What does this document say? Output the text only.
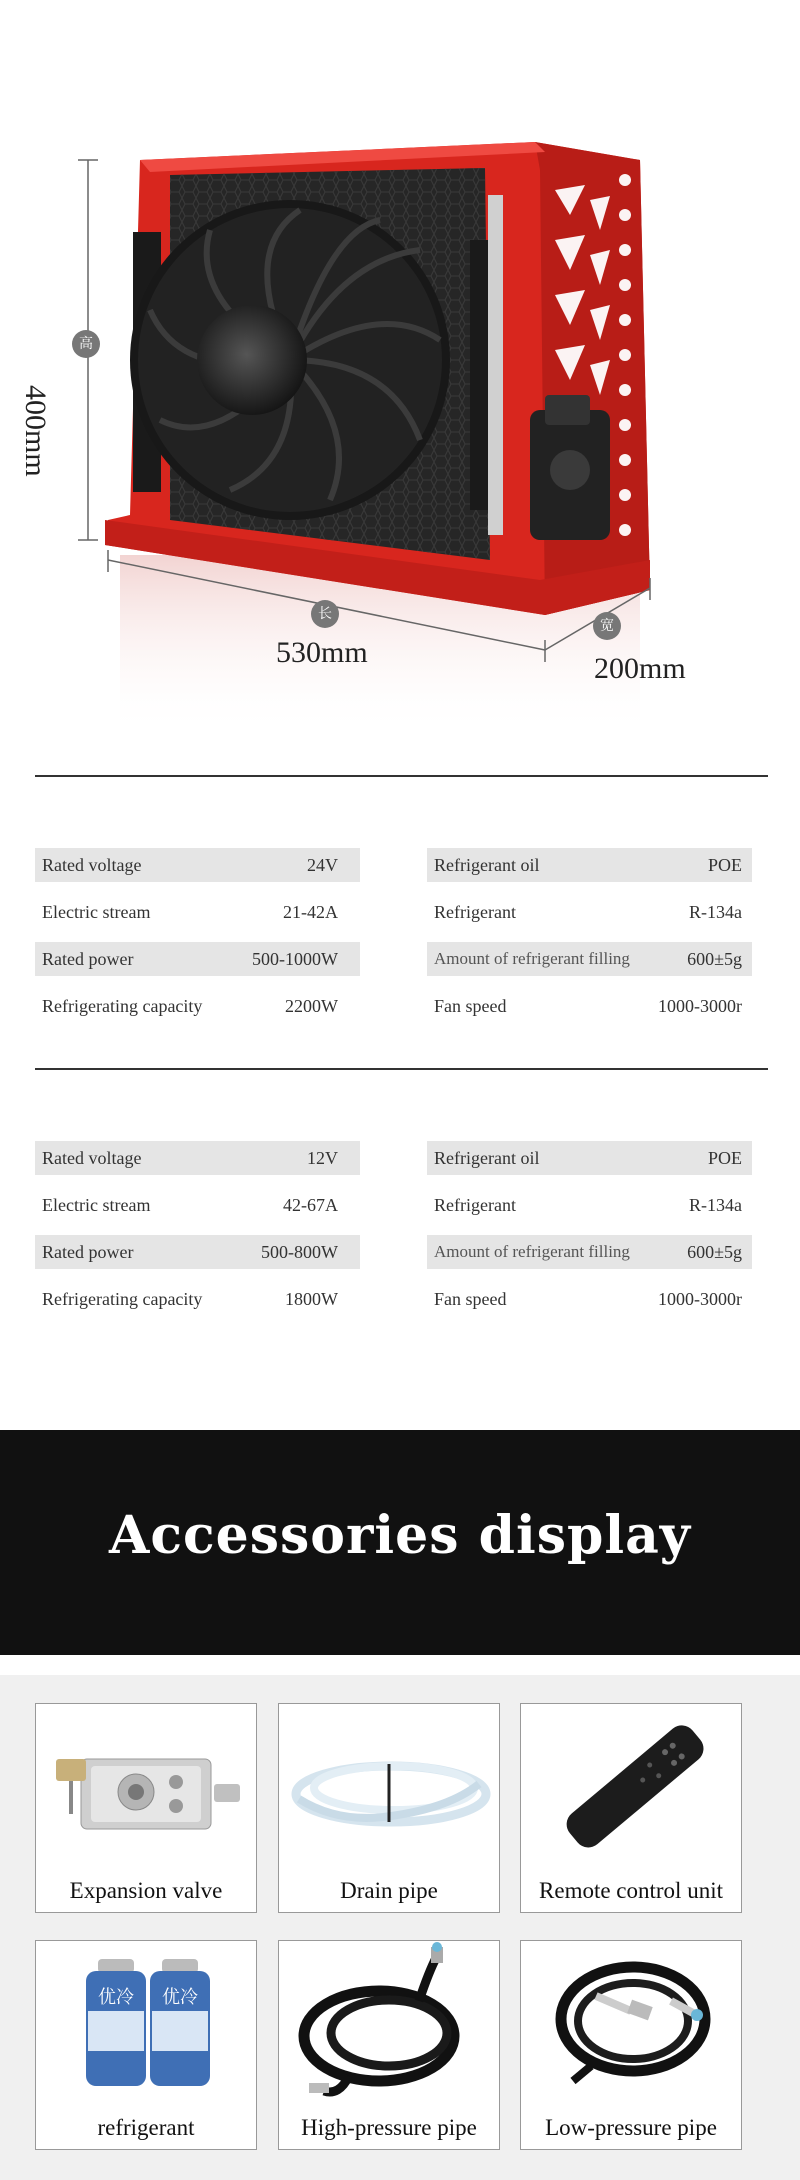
高
长
宽
400mm
530mm	200mm
Rated voltage	24V
Electric stream	21-42A
Rated power	500-1000W
Refrigerating capacity	2200W
Refrigerant oil	POE
Refrigerant	R-134a
Amount of refrigerant filling	600±5g
Fan speed	1000-3000r
Rated voltage	12V
Electric stream	42-67A
Rated power	500-800W
Refrigerating capacity	1800W
Refrigerant oil	POE
Refrigerant	R-134a
Amount of refrigerant filling	600±5g
Fan speed	1000-3000r
Accessories display
Expansion valve	Drain pipe	Remote control unit
优冷 优冷
refrigerant	High-pressure pipe	Low-pressure pipe
